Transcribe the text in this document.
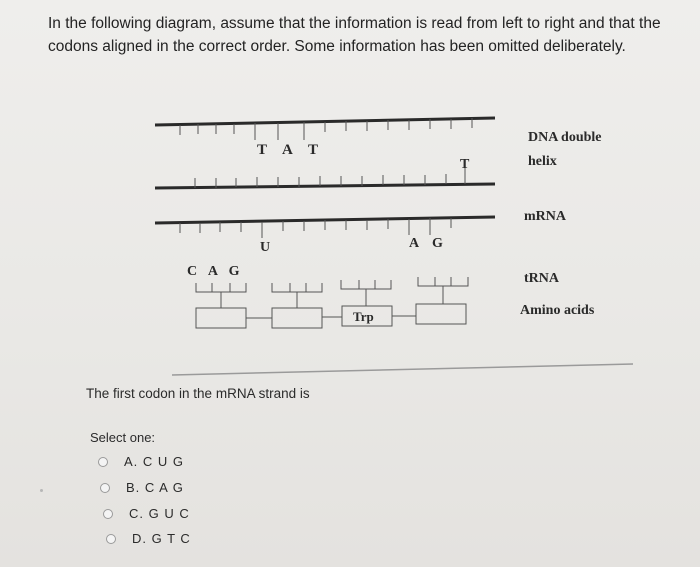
In the following diagram, assume that the information is read from left to right and that the codons aligned in the correct order. Some information has been omitted deliberately.
T A T
T
U	A G
C A G
Trp
DNA double
helix
mRNA
tRNA
Amino acids
The first codon in the mRNA strand is
Select one:
A. C U G
B. C A G
C. G U C
D. G T C
